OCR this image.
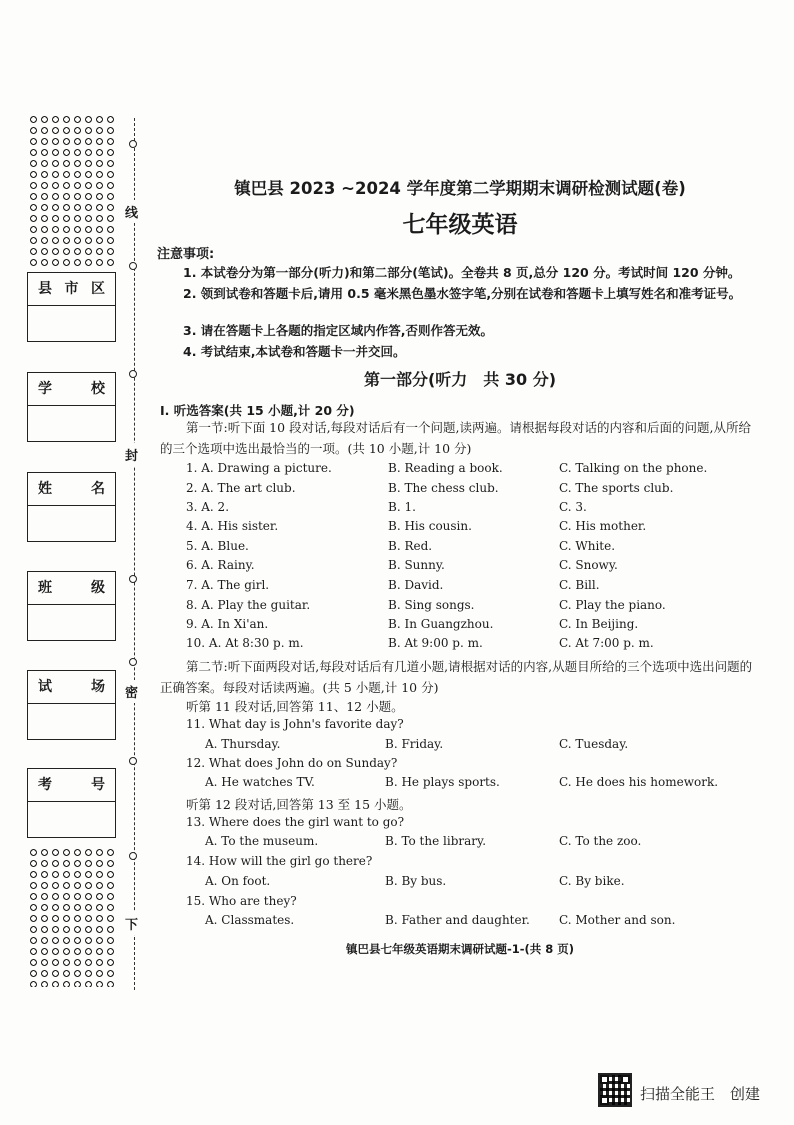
县 市 区
学	校
姓	名
班	级
试	场
考	号
线
封
密
下
镇巴县 2023 ~2024 学年度第二学期期末调研检测试题(卷)
七年级英语
注意事项:
1. 本试卷分为第一部分(听力)和第二部分(笔试)。全卷共 8 页,总分 120 分。考试时间 120 分钟。
2. 领到试卷和答题卡后,请用 0.5 毫米黑色墨水签字笔,分别在试卷和答题卡上填写姓名和准考证号。
3. 请在答题卡上各题的指定区域内作答,否则作答无效。
4. 考试结束,本试卷和答题卡一并交回。
第一部分(听力　共 30 分)
Ⅰ. 听选答案(共 15 小题,计 20 分)
第一节:听下面 10 段对话,每段对话后有一个问题,读两遍。请根据每段对话的内容和后面的问题,从所给的三个选项中选出最恰当的一项。(共 10 小题,计 10 分)
1. A. Drawing a picture.	B. Reading a book.	C. Talking on the phone.
2. A. The art club.	B. The chess club.	C. The sports club.
3. A. 2.	B. 1.	C. 3.
4. A. His sister.	B. His cousin.	C. His mother.
5. A. Blue.	B. Red.	C. White.
6. A. Rainy.	B. Sunny.	C. Snowy.
7. A. The girl.	B. David.	C. Bill.
8. A. Play the guitar.	B. Sing songs.	C. Play the piano.
9. A. In Xi'an.	B. In Guangzhou.	C. In Beijing.
10. A. At 8:30 p. m.	B. At 9:00 p. m.	C. At 7:00 p. m.
第二节:听下面两段对话,每段对话后有几道小题,请根据对话的内容,从题目所给的三个选项中选出问题的正确答案。每段对话读两遍。(共 5 小题,计 10 分)
听第 11 段对话,回答第 11、12 小题。
11. What day is John's favorite day?
A. Thursday.	B. Friday.	C. Tuesday.
12. What does John do on Sunday?
A. He watches TV.	B. He plays sports.	C. He does his homework.
听第 12 段对话,回答第 13 至 15 小题。
13. Where does the girl want to go?
A. To the museum.	B. To the library.	C. To the zoo.
14. How will the girl go there?
A. On foot.	B. By bus.	C. By bike.
15. Who are they?
A. Classmates.	B. Father and daughter. C. Mother and son.
镇巴县七年级英语期末调研试题-1-(共 8 页)
扫描全能王　创建
